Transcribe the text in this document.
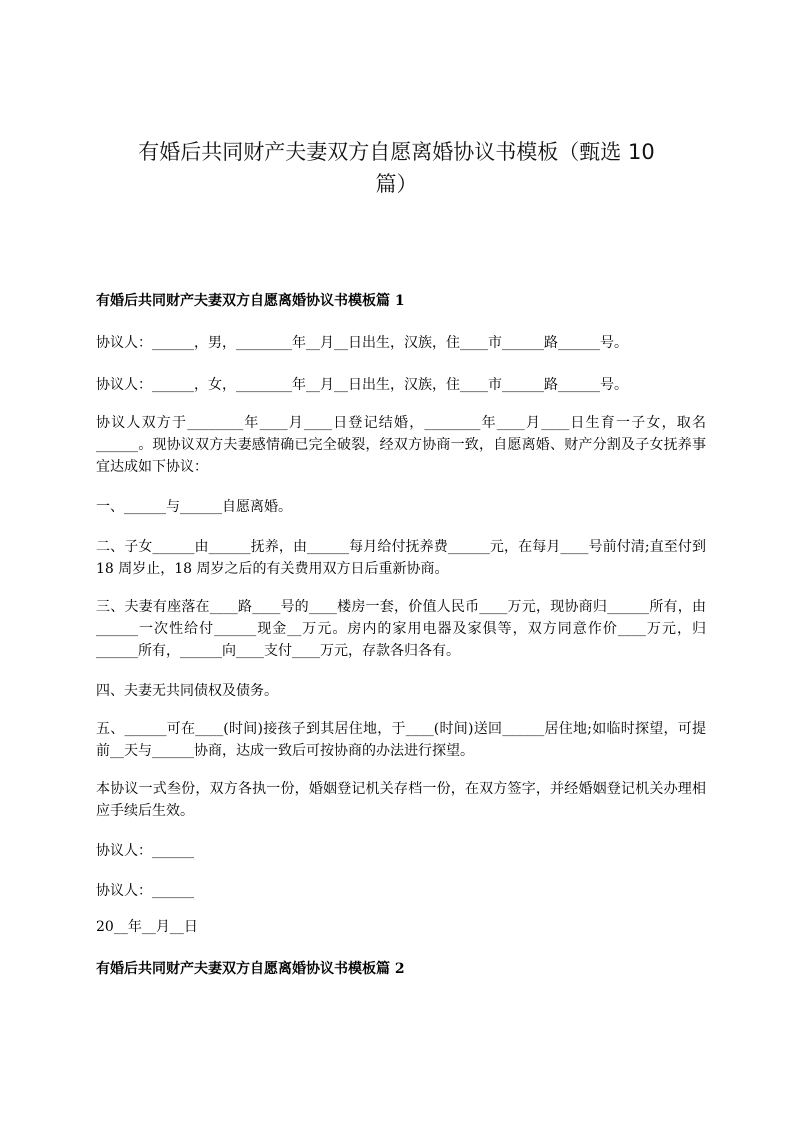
有婚后共同财产夫妻双方自愿离婚协议书模板（甄选 10
篇）
有婚后共同财产夫妻双方自愿离婚协议书模板篇 1

协议人：______，男，________年__月__日出生，汉族，住____市______路______号。

协议人：______，女，________年__月__日出生，汉族，住____市______路______号。

协议人双方于________年____月____日登记结婚，________年____月____日生育一子女，取名______。现协议双方夫妻感情确已完全破裂，经双方协商一致，自愿离婚、财产分割及子女抚养事宜达成如下协议：

一、______与______自愿离婚。

二、子女______由______抚养，由______每月给付抚养费______元，在每月____号前付清;直至付到 18 周岁止，18 周岁之后的有关费用双方日后重新协商。

三、夫妻有座落在____路____号的____楼房一套，价值人民币____万元，现协商归______所有，由______一次性给付______现金__万元。房内的家用电器及家俱等，双方同意作价____万元，归______所有，______向____支付____万元，存款各归各有。

四、夫妻无共同债权及债务。

五、______可在____(时间)接孩子到其居住地，于____(时间)送回______居住地;如临时探望，可提前__天与______协商，达成一致后可按协商的办法进行探望。

本协议一式叁份，双方各执一份，婚姻登记机关存档一份，在双方签字，并经婚姻登记机关办理相应手续后生效。

协议人：______

协议人：______

20__年__月__日

有婚后共同财产夫妻双方自愿离婚协议书模板篇 2
